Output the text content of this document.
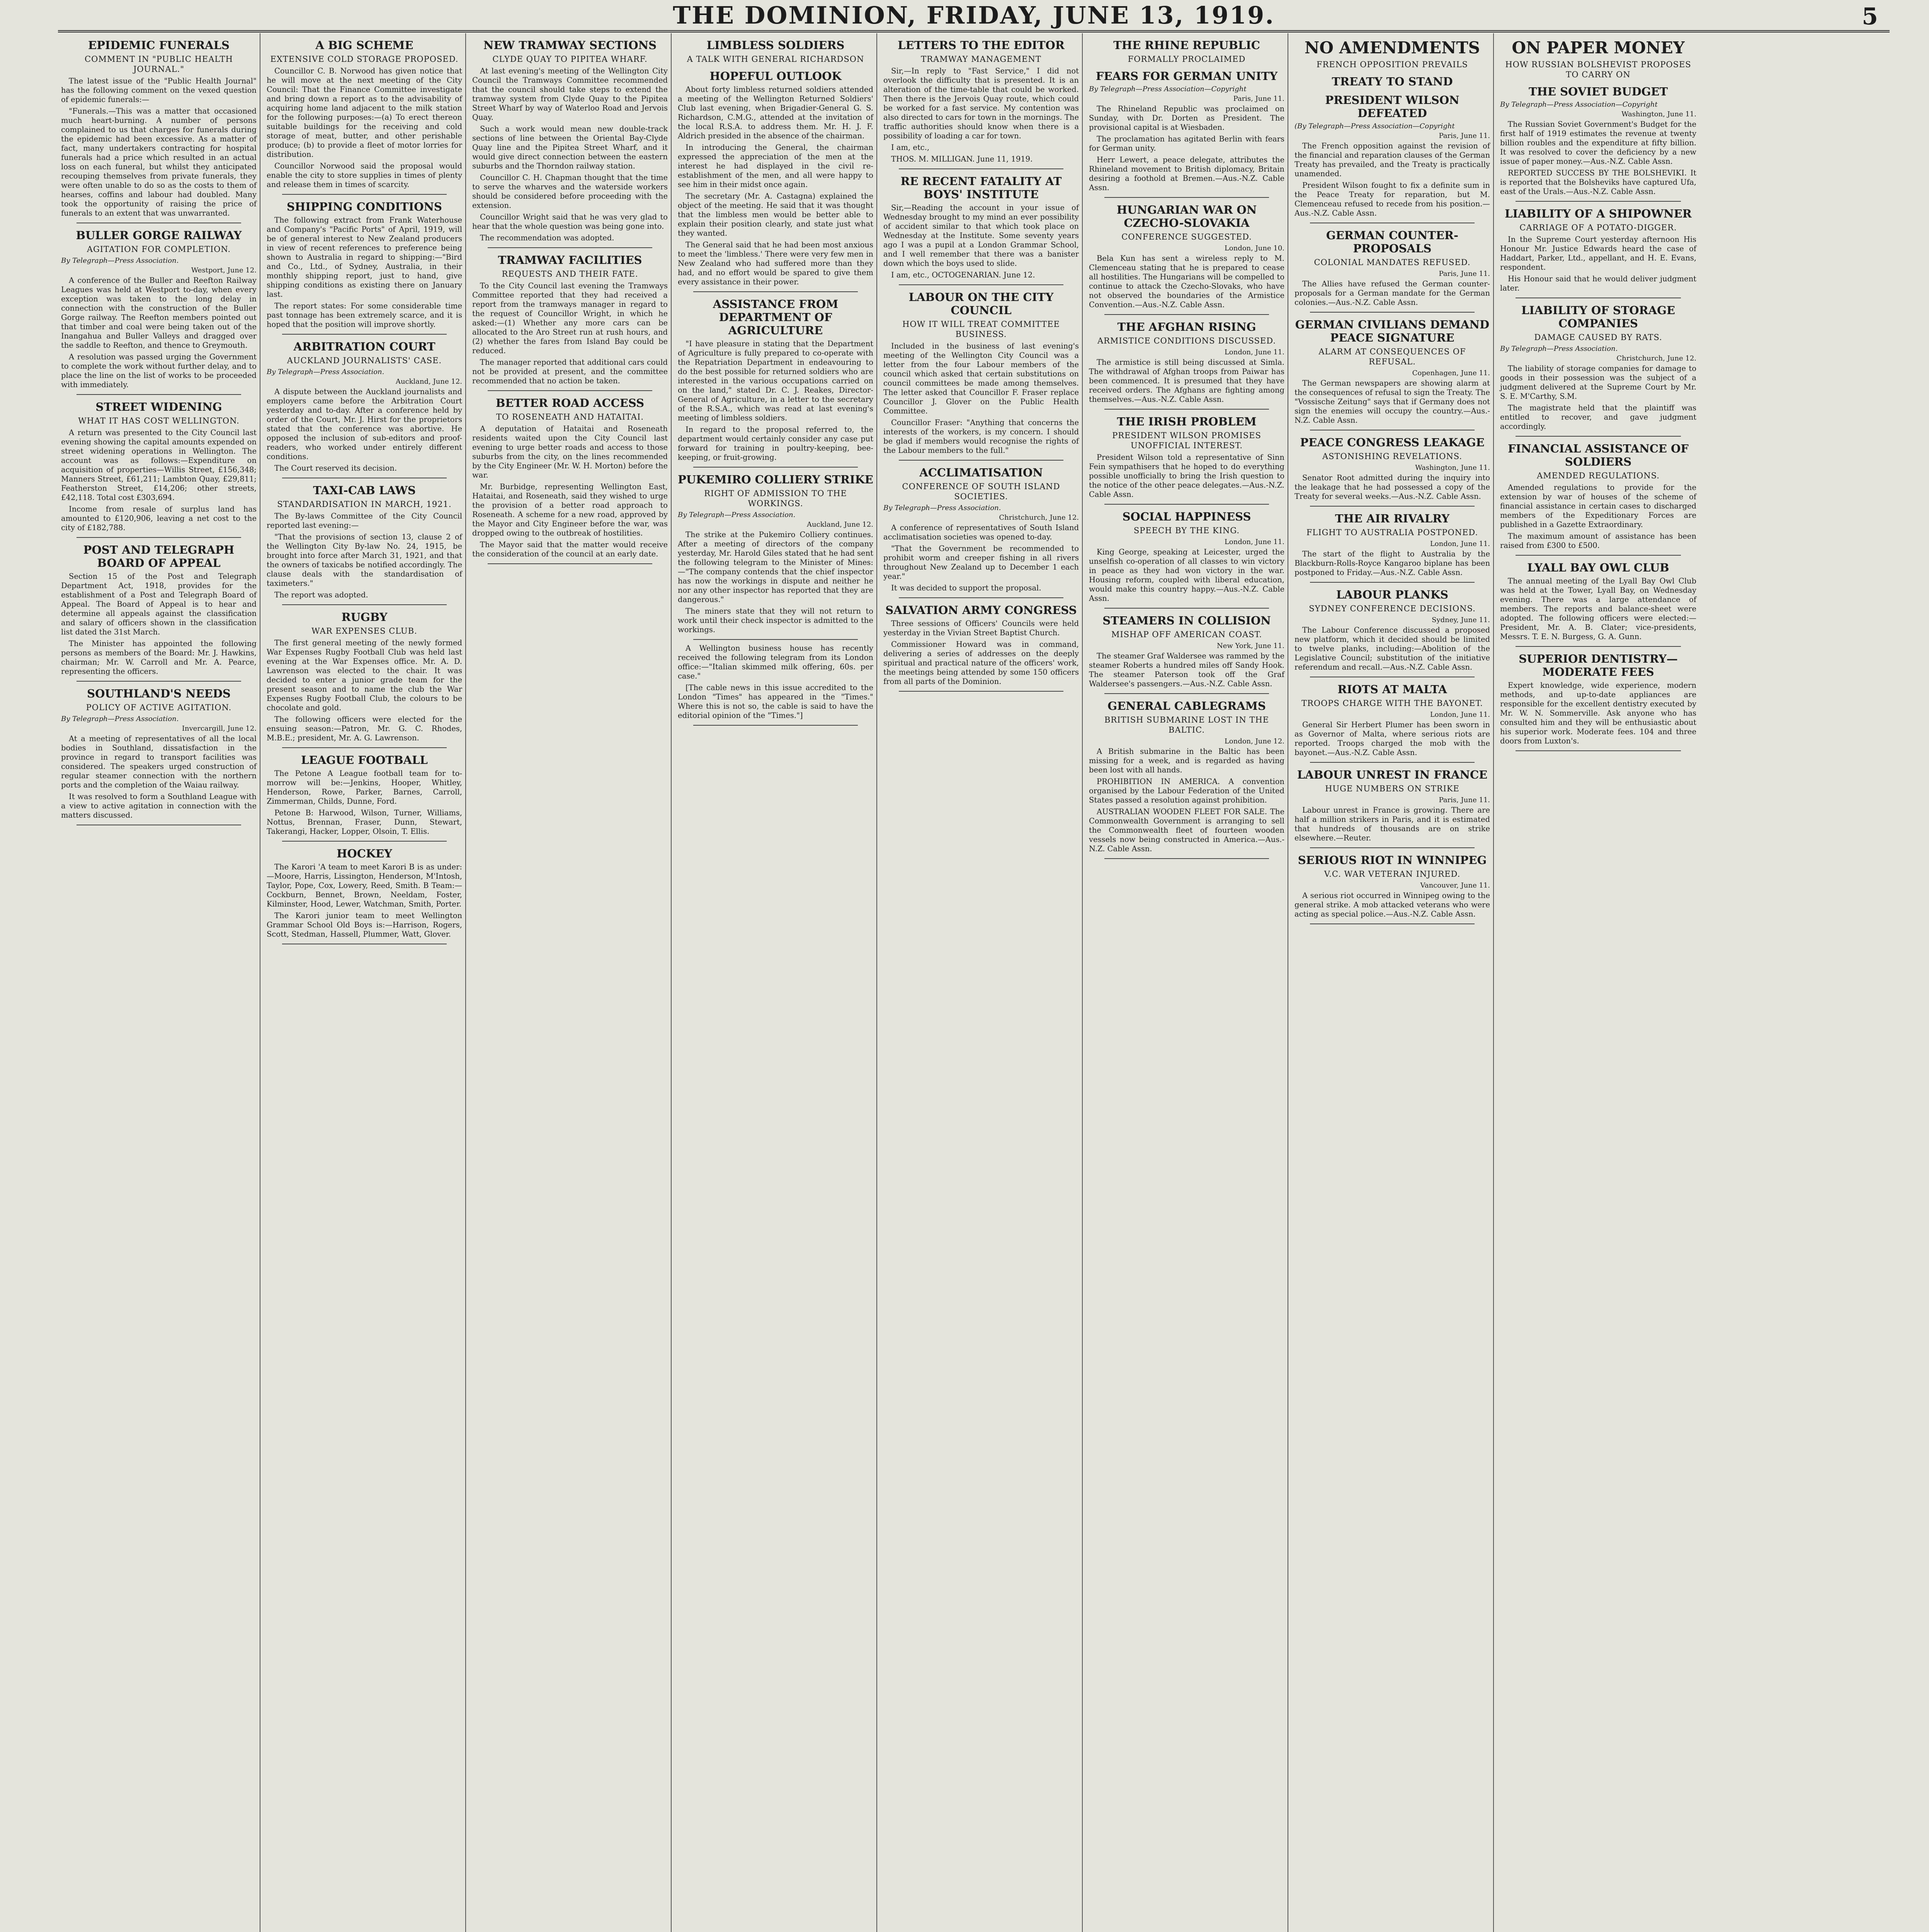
THE DOMINION, FRIDAY, JUNE 13, 1919.	5
EPIDEMIC FUNERALS
COMMENT IN "PUBLIC HEALTH JOURNAL."

The latest issue of the "Public Health Journal" has the following comment on the vexed question of epidemic funerals:—

"Funerals.—This was a matter that occasioned much heart-burning. A number of persons complained to us that charges for funerals during the epidemic had been excessive. As a matter of fact, many undertakers contracting for hospital funerals had a price which resulted in an actual loss on each funeral, but whilst they anticipated recouping themselves from private funerals, they were often unable to do so as the costs to them of hearses, coffins and labour had doubled. Many took the opportunity of raising the price of funerals to an extent that was unwarranted.

BULLER GORGE RAILWAY
AGITATION FOR COMPLETION.
By Telegraph—Press Association.
Westport, June 12.

A conference of the Buller and Reefton Railway Leagues was held at Westport to-day, when every exception was taken to the long delay in connection with the construction of the Buller Gorge railway. The Reefton members pointed out that timber and coal were being taken out of the Inangahua and Buller Valleys and dragged over the saddle to Reefton, and thence to Greymouth.

A resolution was passed urging the Government to complete the work without further delay, and to place the line on the list of works to be proceeded with immediately.

STREET WIDENING
WHAT IT HAS COST WELLINGTON.

A return was presented to the City Council last evening showing the capital amounts expended on street widening operations in Wellington. The account was as follows:—Expenditure on acquisition of properties—Willis Street, £156,348; Manners Street, £61,211; Lambton Quay, £29,811; Featherston Street, £14,206; other streets, £42,118. Total cost £303,694.

Income from resale of surplus land has amounted to £120,906, leaving a net cost to the city of £182,788.

POST AND TELEGRAPH BOARD OF APPEAL

Section 15 of the Post and Telegraph Department Act, 1918, provides for the establishment of a Post and Telegraph Board of Appeal. The Board of Appeal is to hear and determine all appeals against the classification and salary of officers shown in the classification list dated the 31st March.

The Minister has appointed the following persons as members of the Board: Mr. J. Hawkins, chairman; Mr. W. Carroll and Mr. A. Pearce, representing the officers.

SOUTHLAND'S NEEDS
POLICY OF ACTIVE AGITATION.
By Telegraph—Press Association.
Invercargill, June 12.

At a meeting of representatives of all the local bodies in Southland, dissatisfaction in the province in regard to transport facilities was considered. The speakers urged construction of regular steamer connection with the northern ports and the completion of the Waiau railway.

It was resolved to form a Southland League with a view to active agitation in connection with the matters discussed.

A BIG SCHEME
EXTENSIVE COLD STORAGE PROPOSED.

Councillor C. B. Norwood has given notice that he will move at the next meeting of the City Council: That the Finance Committee investigate and bring down a report as to the advisability of acquiring home land adjacent to the milk station for the following purposes:—(a) To erect thereon suitable buildings for the receiving and cold storage of meat, butter, and other perishable produce; (b) to provide a fleet of motor lorries for distribution.

Councillor Norwood said the proposal would enable the city to store supplies in times of plenty and release them in times of scarcity.

SHIPPING CONDITIONS

The following extract from Frank Waterhouse and Company's "Pacific Ports" of April, 1919, will be of general interest to New Zealand producers in view of recent references to preference being shown to Australia in regard to shipping:—"Bird and Co., Ltd., of Sydney, Australia, in their monthly shipping report, just to hand, give shipping conditions as existing there on January last.

The report states: For some considerable time past tonnage has been extremely scarce, and it is hoped that the position will improve shortly.

ARBITRATION COURT
AUCKLAND JOURNALISTS' CASE.
By Telegraph—Press Association.
Auckland, June 12.

A dispute between the Auckland journalists and employers came before the Arbitration Court yesterday and to-day. After a conference held by order of the Court, Mr. J. Hirst for the proprietors stated that the conference was abortive. He opposed the inclusion of sub-editors and proof-readers, who worked under entirely different conditions.

The Court reserved its decision.

TAXI-CAB LAWS
STANDARDISATION IN MARCH, 1921.

The By-laws Committee of the City Council reported last evening:—

"That the provisions of section 13, clause 2 of the Wellington City By-law No. 24, 1915, be brought into force after March 31, 1921, and that the owners of taxicabs be notified accordingly. The clause deals with the standardisation of taximeters."

The report was adopted.

RUGBY
WAR EXPENSES CLUB.

The first general meeting of the newly formed War Expenses Rugby Football Club was held last evening at the War Expenses office. Mr. A. D. Lawrenson was elected to the chair. It was decided to enter a junior grade team for the present season and to name the club the War Expenses Rugby Football Club, the colours to be chocolate and gold.

The following officers were elected for the ensuing season:—Patron, Mr. G. C. Rhodes, M.B.E.; president, Mr. A. G. Lawrenson.

LEAGUE FOOTBALL

The Petone A League football team for to-morrow will be:—Jenkins, Hooper, Whitley, Henderson, Rowe, Parker, Barnes, Carroll, Zimmerman, Childs, Dunne, Ford.

Petone B: Harwood, Wilson, Turner, Williams, Nottus, Brennan, Fraser, Dunn, Stewart, Takerangi, Hacker, Lopper, Olsoin, T. Ellis.

HOCKEY

The Karori 'A team to meet Karori B is as under:—Moore, Harris, Lissington, Henderson, M'Intosh, Taylor, Pope, Cox, Lowery, Reed, Smith. B Team:—Cockburn, Bennet, Brown, Neeldam, Foster, Kilminster, Hood, Lewer, Watchman, Smith, Porter.

The Karori junior team to meet Wellington Grammar School Old Boys is:—Harrison, Rogers, Scott, Stedman, Hassell, Plummer, Watt, Glover.

NEW TRAMWAY SECTIONS
CLYDE QUAY TO PIPITEA WHARF.

At last evening's meeting of the Wellington City Council the Tramways Committee recommended that the council should take steps to extend the tramway system from Clyde Quay to the Pipitea Street Wharf by way of Waterloo Road and Jervois Quay.

Such a work would mean new double-track sections of line between the Oriental Bay-Clyde Quay line and the Pipitea Street Wharf, and it would give direct connection between the eastern suburbs and the Thorndon railway station.

Councillor C. H. Chapman thought that the time to serve the wharves and the waterside workers should be considered before proceeding with the extension.

Councillor Wright said that he was very glad to hear that the whole question was being gone into.

The recommendation was adopted.

TRAMWAY FACILITIES
REQUESTS AND THEIR FATE.

To the City Council last evening the Tramways Committee reported that they had received a report from the tramways manager in regard to the request of Councillor Wright, in which he asked:—(1) Whether any more cars can be allocated to the Aro Street run at rush hours, and (2) whether the fares from Island Bay could be reduced.

The manager reported that additional cars could not be provided at present, and the committee recommended that no action be taken.

BETTER ROAD ACCESS
TO ROSENEATH AND HATAITAI.

A deputation of Hataitai and Roseneath residents waited upon the City Council last evening to urge better roads and access to those suburbs from the city, on the lines recommended by the City Engineer (Mr. W. H. Morton) before the war.

Mr. Burbidge, representing Wellington East, Hataitai, and Roseneath, said they wished to urge the provision of a better road approach to Roseneath. A scheme for a new road, approved by the Mayor and City Engineer before the war, was dropped owing to the outbreak of hostilities.

The Mayor said that the matter would receive the consideration of the council at an early date.

LIMBLESS SOLDIERS
A TALK WITH GENERAL RICHARDSON
HOPEFUL OUTLOOK

About forty limbless returned soldiers attended a meeting of the Wellington Returned Soldiers' Club last evening, when Brigadier-General G. S. Richardson, C.M.G., attended at the invitation of the local R.S.A. to address them. Mr. H. J. F. Aldrich presided in the absence of the chairman.

In introducing the General, the chairman expressed the appreciation of the men at the interest he had displayed in the civil re-establishment of the men, and all were happy to see him in their midst once again.

The secretary (Mr. A. Castagna) explained the object of the meeting. He said that it was thought that the limbless men would be better able to explain their position clearly, and state just what they wanted.

The General said that he had been most anxious to meet the 'limbless.' There were very few men in New Zealand who had suffered more than they had, and no effort would be spared to give them every assistance in their power.

ASSISTANCE FROM DEPARTMENT OF AGRICULTURE

"I have pleasure in stating that the Department of Agriculture is fully prepared to co-operate with the Repatriation Department in endeavouring to do the best possible for returned soldiers who are interested in the various occupations carried on on the land," stated Dr. C. J. Reakes, Director-General of Agriculture, in a letter to the secretary of the R.S.A., which was read at last evening's meeting of limbless soldiers.

In regard to the proposal referred to, the department would certainly consider any case put forward for training in poultry-keeping, bee-keeping, or fruit-growing.

PUKEMIRO COLLIERY STRIKE
RIGHT OF ADMISSION TO THE WORKINGS.
By Telegraph—Press Association.
Auckland, June 12.

The strike at the Pukemiro Colliery continues. After a meeting of directors of the company yesterday, Mr. Harold Giles stated that he had sent the following telegram to the Minister of Mines:—"The company contends that the chief inspector has now the workings in dispute and neither he nor any other inspector has reported that they are dangerous."

The miners state that they will not return to work until their check inspector is admitted to the workings.

A Wellington business house has recently received the following telegram from its London office:—"Italian skimmed milk offering, 60s. per case."

[The cable news in this issue accredited to the London "Times" has appeared in the "Times." Where this is not so, the cable is said to have the editorial opinion of the "Times."]

LETTERS TO THE EDITOR
TRAMWAY MANAGEMENT

Sir,—In reply to "Fast Service," I did not overlook the difficulty that is presented. It is an alteration of the time-table that could be worked. Then there is the Jervois Quay route, which could be worked for a fast service. My contention was also directed to cars for town in the mornings. The traffic authorities should know when there is a possibility of loading a car for town.

I am, etc.,

THOS. M. MILLIGAN. June 11, 1919.

RE RECENT FATALITY AT BOYS' INSTITUTE

Sir,—Reading the account in your issue of Wednesday brought to my mind an ever possibility of accident similar to that which took place on Wednesday at the Institute. Some seventy years ago I was a pupil at a London Grammar School, and I well remember that there was a banister down which the boys used to slide.

I am, etc., OCTOGENARIAN. June 12.

LABOUR ON THE CITY COUNCIL
HOW IT WILL TREAT COMMITTEE BUSINESS.

Included in the business of last evening's meeting of the Wellington City Council was a letter from the four Labour members of the council which asked that certain substitutions on council committees be made among themselves. The letter asked that Councillor F. Fraser replace Councillor J. Glover on the Public Health Committee.

Councillor Fraser: "Anything that concerns the interests of the workers, is my concern. I should be glad if members would recognise the rights of the Labour members to the full."

ACCLIMATISATION
CONFERENCE OF SOUTH ISLAND SOCIETIES.
By Telegraph—Press Association.
Christchurch, June 12.

A conference of representatives of South Island acclimatisation societies was opened to-day.

"That the Government be recommended to prohibit worm and creeper fishing in all rivers throughout New Zealand up to December 1 each year."

It was decided to support the proposal.

SALVATION ARMY CONGRESS

Three sessions of Officers' Councils were held yesterday in the Vivian Street Baptist Church.

Commissioner Howard was in command, delivering a series of addresses on the deeply spiritual and practical nature of the officers' work, the meetings being attended by some 150 officers from all parts of the Dominion.

THE RHINE REPUBLIC
FORMALLY PROCLAIMED
FEARS FOR GERMAN UNITY
By Telegraph—Press Association—Copyright
Paris, June 11.

The Rhineland Republic was proclaimed on Sunday, with Dr. Dorten as President. The provisional capital is at Wiesbaden.

The proclamation has agitated Berlin with fears for German unity.

Herr Lewert, a peace delegate, attributes the Rhineland movement to British diplomacy, Britain desiring a foothold at Bremen.—Aus.-N.Z. Cable Assn.

HUNGARIAN WAR ON CZECHO-SLOVAKIA
CONFERENCE SUGGESTED.
London, June 10.

Bela Kun has sent a wireless reply to M. Clemenceau stating that he is prepared to cease all hostilities. The Hungarians will be compelled to continue to attack the Czecho-Slovaks, who have not observed the boundaries of the Armistice Convention.—Aus.-N.Z. Cable Assn.

THE AFGHAN RISING
ARMISTICE CONDITIONS DISCUSSED.
London, June 11.

The armistice is still being discussed at Simla. The withdrawal of Afghan troops from Paiwar has been commenced. It is presumed that they have received orders. The Afghans are fighting among themselves.—Aus.-N.Z. Cable Assn.

THE IRISH PROBLEM
PRESIDENT WILSON PROMISES UNOFFICIAL INTEREST.

President Wilson told a representative of Sinn Fein sympathisers that he hoped to do everything possible unofficially to bring the Irish question to the notice of the other peace delegates.—Aus.-N.Z. Cable Assn.

SOCIAL HAPPINESS
SPEECH BY THE KING.
London, June 11.

King George, speaking at Leicester, urged the unselfish co-operation of all classes to win victory in peace as they had won victory in the war. Housing reform, coupled with liberal education, would make this country happy.—Aus.-N.Z. Cable Assn.

STEAMERS IN COLLISION
MISHAP OFF AMERICAN COAST.
New York, June 11.

The steamer Graf Waldersee was rammed by the steamer Roberts a hundred miles off Sandy Hook. The steamer Paterson took off the Graf Waldersee's passengers.—Aus.-N.Z. Cable Assn.

GENERAL CABLEGRAMS
BRITISH SUBMARINE LOST IN THE BALTIC.
London, June 12.

A British submarine in the Baltic has been missing for a week, and is regarded as having been lost with all hands.

PROHIBITION IN AMERICA. A convention organised by the Labour Federation of the United States passed a resolution against prohibition.

AUSTRALIAN WOODEN FLEET FOR SALE. The Commonwealth Government is arranging to sell the Commonwealth fleet of fourteen wooden vessels now being constructed in America.—Aus.-N.Z. Cable Assn.

NO AMENDMENTS
FRENCH OPPOSITION PREVAILS
TREATY TO STAND
PRESIDENT WILSON DEFEATED
(By Telegraph—Press Association—Copyright
Paris, June 11.

The French opposition against the revision of the financial and reparation clauses of the German Treaty has prevailed, and the Treaty is practically unamended.

President Wilson fought to fix a definite sum in the Peace Treaty for reparation, but M. Clemenceau refused to recede from his position.—Aus.-N.Z. Cable Assn.

GERMAN COUNTER-PROPOSALS
COLONIAL MANDATES REFUSED.
Paris, June 11.

The Allies have refused the German counter-proposals for a German mandate for the German colonies.—Aus.-N.Z. Cable Assn.

GERMAN CIVILIANS DEMAND PEACE SIGNATURE
ALARM AT CONSEQUENCES OF REFUSAL.
Copenhagen, June 11.

The German newspapers are showing alarm at the consequences of refusal to sign the Treaty. The "Vossische Zeitung" says that if Germany does not sign the enemies will occupy the country.—Aus.-N.Z. Cable Assn.

PEACE CONGRESS LEAKAGE
ASTONISHING REVELATIONS.
Washington, June 11.

Senator Root admitted during the inquiry into the leakage that he had possessed a copy of the Treaty for several weeks.—Aus.-N.Z. Cable Assn.

THE AIR RIVALRY
FLIGHT TO AUSTRALIA POSTPONED.
London, June 11.

The start of the flight to Australia by the Blackburn-Rolls-Royce Kangaroo biplane has been postponed to Friday.—Aus.-N.Z. Cable Assn.

LABOUR PLANKS
SYDNEY CONFERENCE DECISIONS.
Sydney, June 11.

The Labour Conference discussed a proposed new platform, which it decided should be limited to twelve planks, including:—Abolition of the Legislative Council; substitution of the initiative referendum and recall.—Aus.-N.Z. Cable Assn.

RIOTS AT MALTA
TROOPS CHARGE WITH THE BAYONET.
London, June 11.

General Sir Herbert Plumer has been sworn in as Governor of Malta, where serious riots are reported. Troops charged the mob with the bayonet.—Aus.-N.Z. Cable Assn.

LABOUR UNREST IN FRANCE
HUGE NUMBERS ON STRIKE
Paris, June 11.

Labour unrest in France is growing. There are half a million strikers in Paris, and it is estimated that hundreds of thousands are on strike elsewhere.—Reuter.

SERIOUS RIOT IN WINNIPEG
V.C. WAR VETERAN INJURED.
Vancouver, June 11.

A serious riot occurred in Winnipeg owing to the general strike. A mob attacked veterans who were acting as special police.—Aus.-N.Z. Cable Assn.

ON PAPER MONEY
HOW RUSSIAN BOLSHEVIST PROPOSES TO CARRY ON
THE SOVIET BUDGET
By Telegraph—Press Association—Copyright
Washington, June 11.

The Russian Soviet Government's Budget for the first half of 1919 estimates the revenue at twenty billion roubles and the expenditure at fifty billion. It was resolved to cover the deficiency by a new issue of paper money.—Aus.-N.Z. Cable Assn.

REPORTED SUCCESS BY THE BOLSHEVIKI. It is reported that the Bolsheviks have captured Ufa, east of the Urals.—Aus.-N.Z. Cable Assn.

LIABILITY OF A SHIPOWNER
CARRIAGE OF A POTATO-DIGGER.

In the Supreme Court yesterday afternoon His Honour Mr. Justice Edwards heard the case of Haddart, Parker, Ltd., appellant, and H. E. Evans, respondent.

His Honour said that he would deliver judgment later.

LIABILITY OF STORAGE COMPANIES
DAMAGE CAUSED BY RATS.
By Telegraph—Press Association.
Christchurch, June 12.

The liability of storage companies for damage to goods in their possession was the subject of a judgment delivered at the Supreme Court by Mr. S. E. M'Carthy, S.M.

The magistrate held that the plaintiff was entitled to recover, and gave judgment accordingly.

FINANCIAL ASSISTANCE OF SOLDIERS
AMENDED REGULATIONS.

Amended regulations to provide for the extension by war of houses of the scheme of financial assistance in certain cases to discharged members of the Expeditionary Forces are published in a Gazette Extraordinary.

The maximum amount of assistance has been raised from £300 to £500.

LYALL BAY OWL CLUB

The annual meeting of the Lyall Bay Owl Club was held at the Tower, Lyall Bay, on Wednesday evening. There was a large attendance of members. The reports and balance-sheet were adopted. The following officers were elected:—President, Mr. A. B. Clater; vice-presidents, Messrs. T. E. N. Burgess, G. A. Gunn.

SUPERIOR DENTISTRY—MODERATE FEES

Expert knowledge, wide experience, modern methods, and up-to-date appliances are responsible for the excellent dentistry executed by Mr. W. N. Sommerville. Ask anyone who has consulted him and they will be enthusiastic about his superior work. Moderate fees. 104 and three doors from Luxton's.
